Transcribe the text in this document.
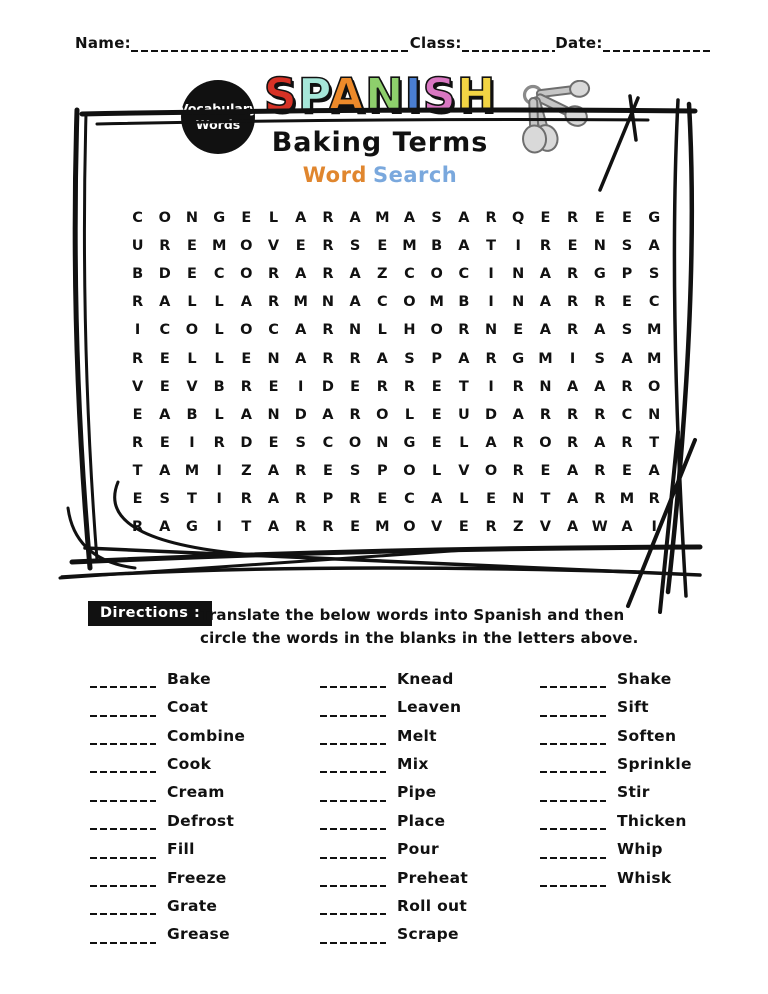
Name:	Class:	Date:
Vocabulary
Words
SPANISH
Baking Terms
Word Search
C	O	N	G	E	L	A	R	A M A	S	A	R	Q	E	R	E	E	G
U	R	E	M O	V	E	R	S	E	M B	A	T	I	R	E	N	S	A
B	D	E	C	O	R	A	R	A	Z	C	O	C	I	N	A	R	G	P	S
R	A	L	L	A	R M N	A	C	O M B	I	N	A	R	R	E	C
I	C	O	L	O	C	A	R	N	L	H	O	R	N	E	A	R	A	S	M
R	E	L	L	E	N	A	R	R	A	S	P	A	R	G M	I	S	A M
V	E	V	B	R	E	I	D	E	R	R	E	T	I	R	N	A	A	R	O
E	A	B	L	A	N	D	A	R	O	L	E	U	D	A	R	R	R	C	N
R	E	I	R	D	E	S	C	O	N	G	E	L	A	R	O	R	A	R	T
T	A M	I	Z	A	R	E	S	P	O	L	V	O	R	E	A	R	E	A
E	S	T	I	R	A	R	P	R	E	C	A	L	E	N	T	A	R M R
R	A	G	I	T	A	R	R	E	M O	V	E	R	Z	V	A W A	I
Directions : Translate the below words into Spanish and then circle the words in the blanks in the letters above.
Bake
Coat
Combine
Cook
Cream
Defrost
Fill
Freeze
Grate
Grease
Knead
Leaven
Melt
Mix
Pipe
Place
Pour
Preheat
Roll out
Scrape
Shake
Sift
Soften
Sprinkle
Stir
Thicken
Whip
Whisk
